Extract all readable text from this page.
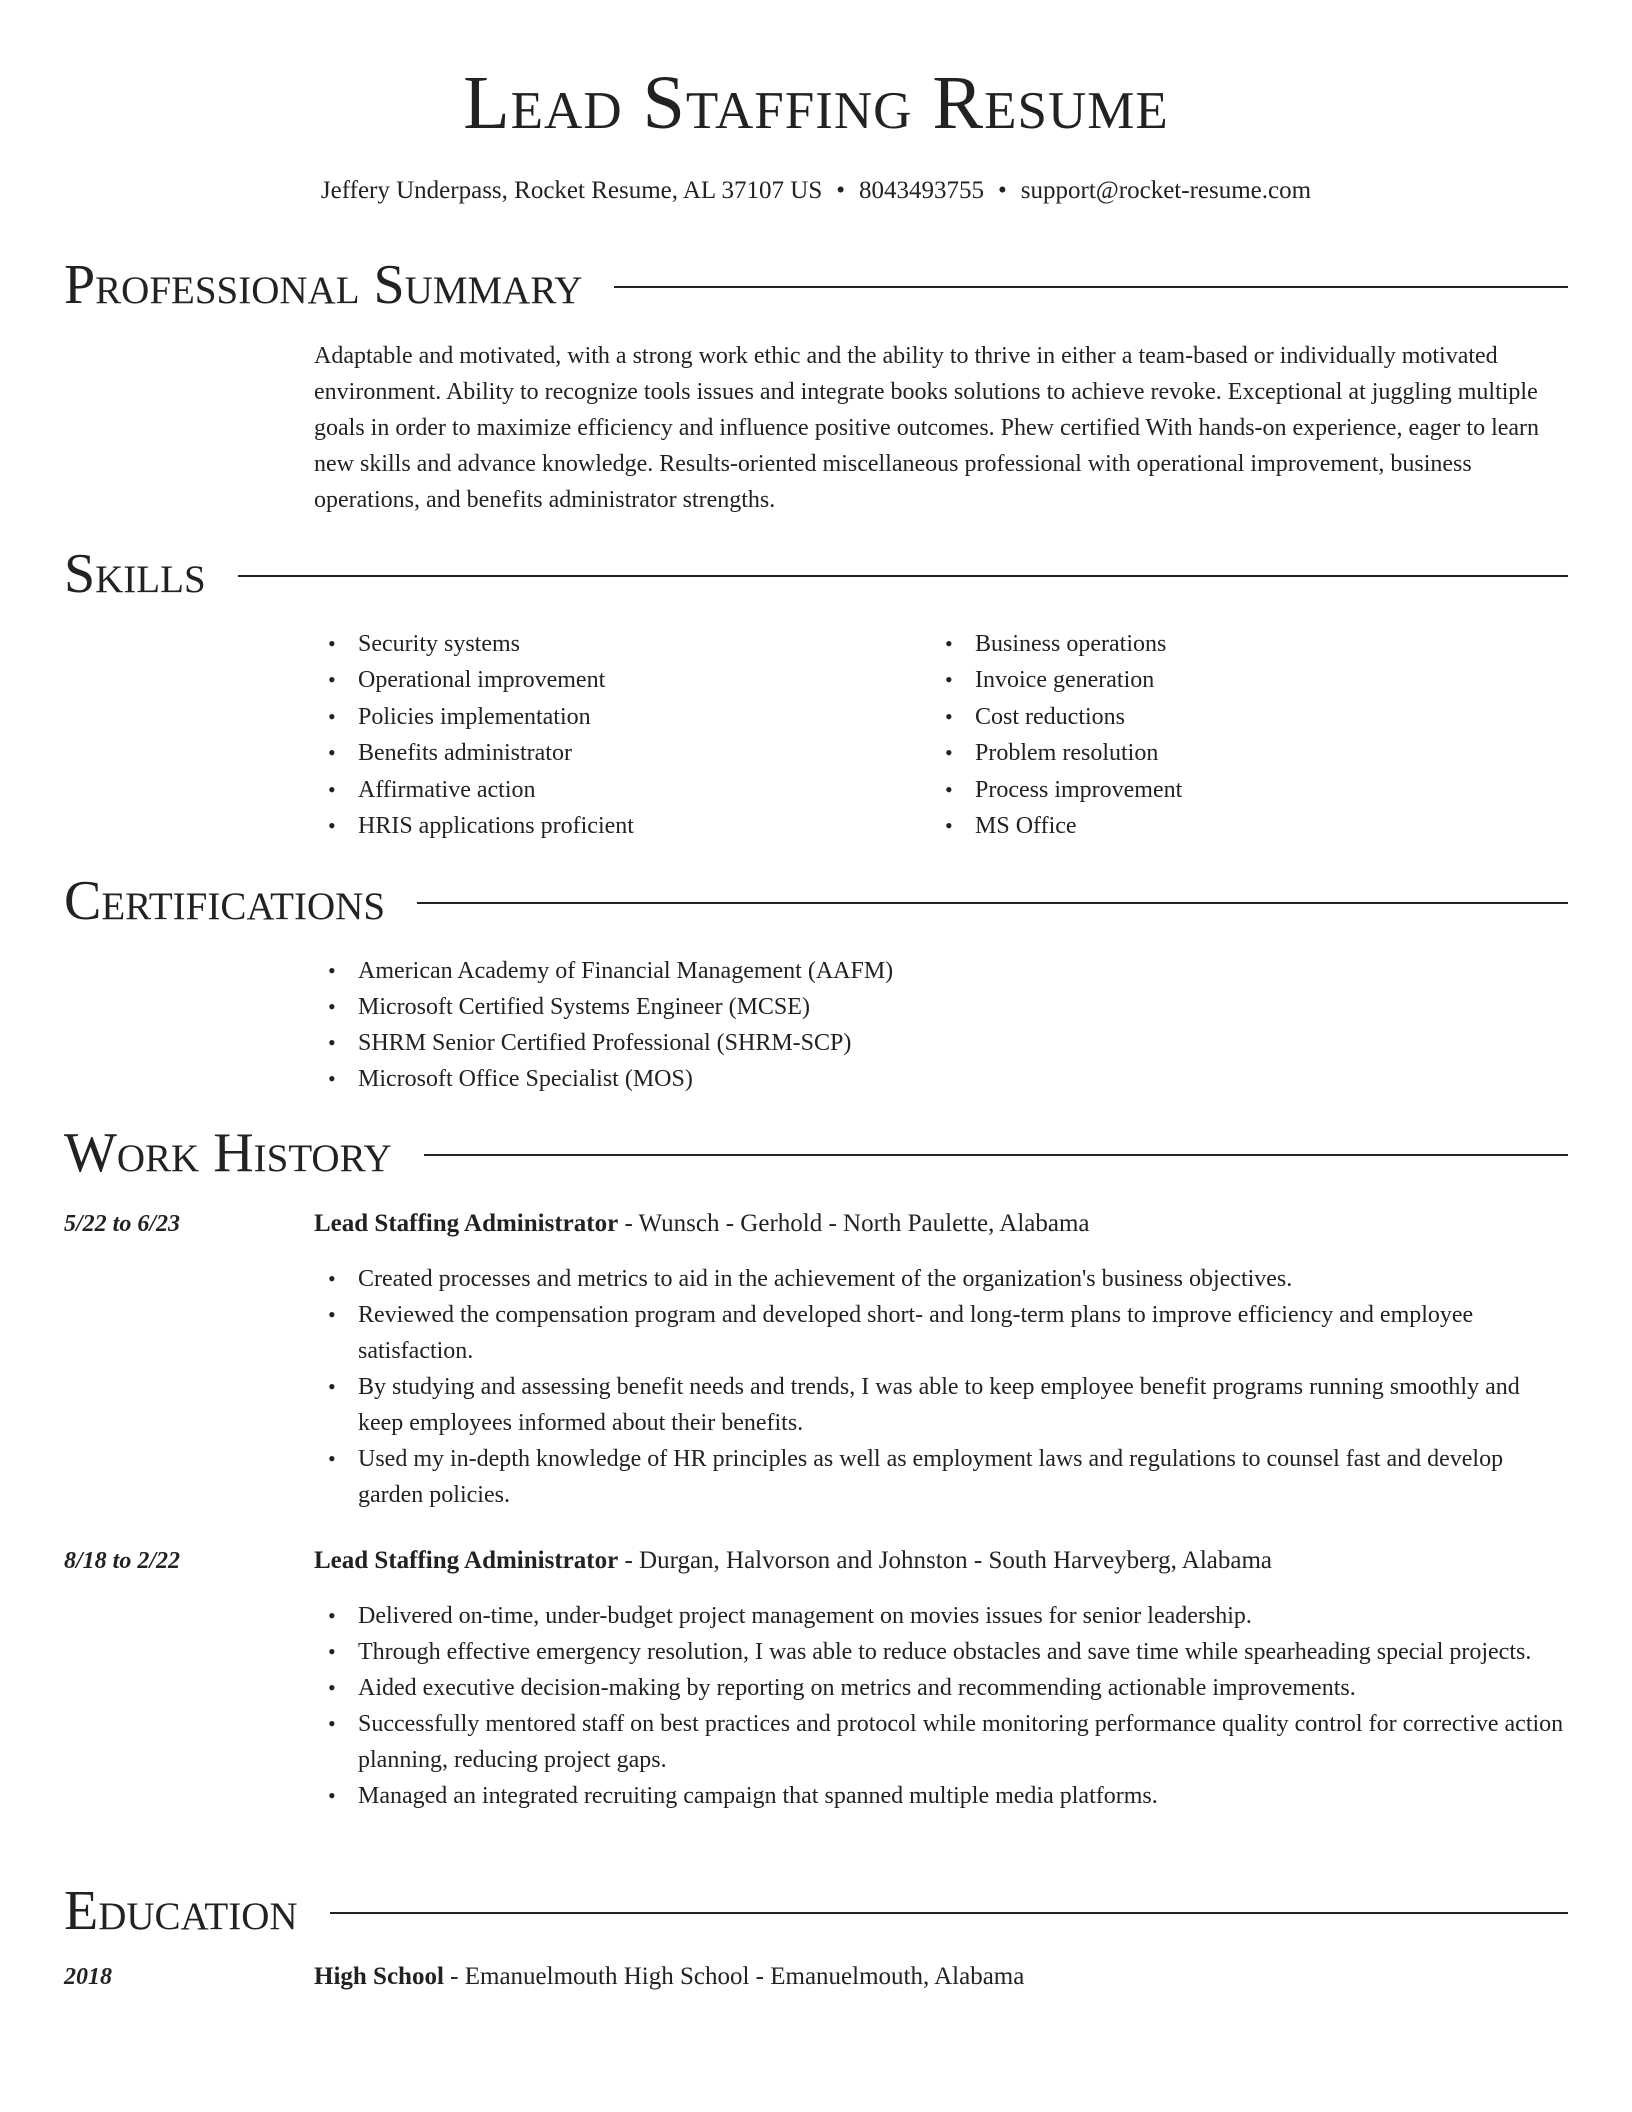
Lead Staffing Resume
Jeffery Underpass, Rocket Resume, AL 37107 US • 8043493755 • support@rocket-resume.com
Professional Summary
Adaptable and motivated, with a strong work ethic and the ability to thrive in either a team-based or individually motivated environment. Ability to recognize tools issues and integrate books solutions to achieve revoke. Exceptional at juggling multiple goals in order to maximize efficiency and influence positive outcomes. Phew certified With hands-on experience, eager to learn new skills and advance knowledge. Results-oriented miscellaneous professional with operational improvement, business operations, and benefits administrator strengths.
Skills
• Security systems
• Operational improvement
• Policies implementation
• Benefits administrator
• Affirmative action
• HRIS applications proficient
• Business operations
• Invoice generation
• Cost reductions
• Problem resolution
• Process improvement
• MS Office
Certifications
• American Academy of Financial Management (AAFM)
• Microsoft Certified Systems Engineer (MCSE)
• SHRM Senior Certified Professional (SHRM-SCP)
• Microsoft Office Specialist (MOS)
Work History
5/22 to 6/23	Lead Staffing Administrator - Wunsch - Gerhold - North Paulette, Alabama
• Created processes and metrics to aid in the achievement of the organization's business objectives.
• Reviewed the compensation program and developed short- and long-term plans to improve efficiency and employee satisfaction.
• By studying and assessing benefit needs and trends, I was able to keep employee benefit programs running smoothly and keep employees informed about their benefits.
• Used my in-depth knowledge of HR principles as well as employment laws and regulations to counsel fast and develop garden policies.
8/18 to 2/22	Lead Staffing Administrator - Durgan, Halvorson and Johnston - South Harveyberg, Alabama
• Delivered on-time, under-budget project management on movies issues for senior leadership.
• Through effective emergency resolution, I was able to reduce obstacles and save time while spearheading special projects.
• Aided executive decision-making by reporting on metrics and recommending actionable improvements.
• Successfully mentored staff on best practices and protocol while monitoring performance quality control for corrective action planning, reducing project gaps.
• Managed an integrated recruiting campaign that spanned multiple media platforms.
Education
2018	High School - Emanuelmouth High School - Emanuelmouth, Alabama
